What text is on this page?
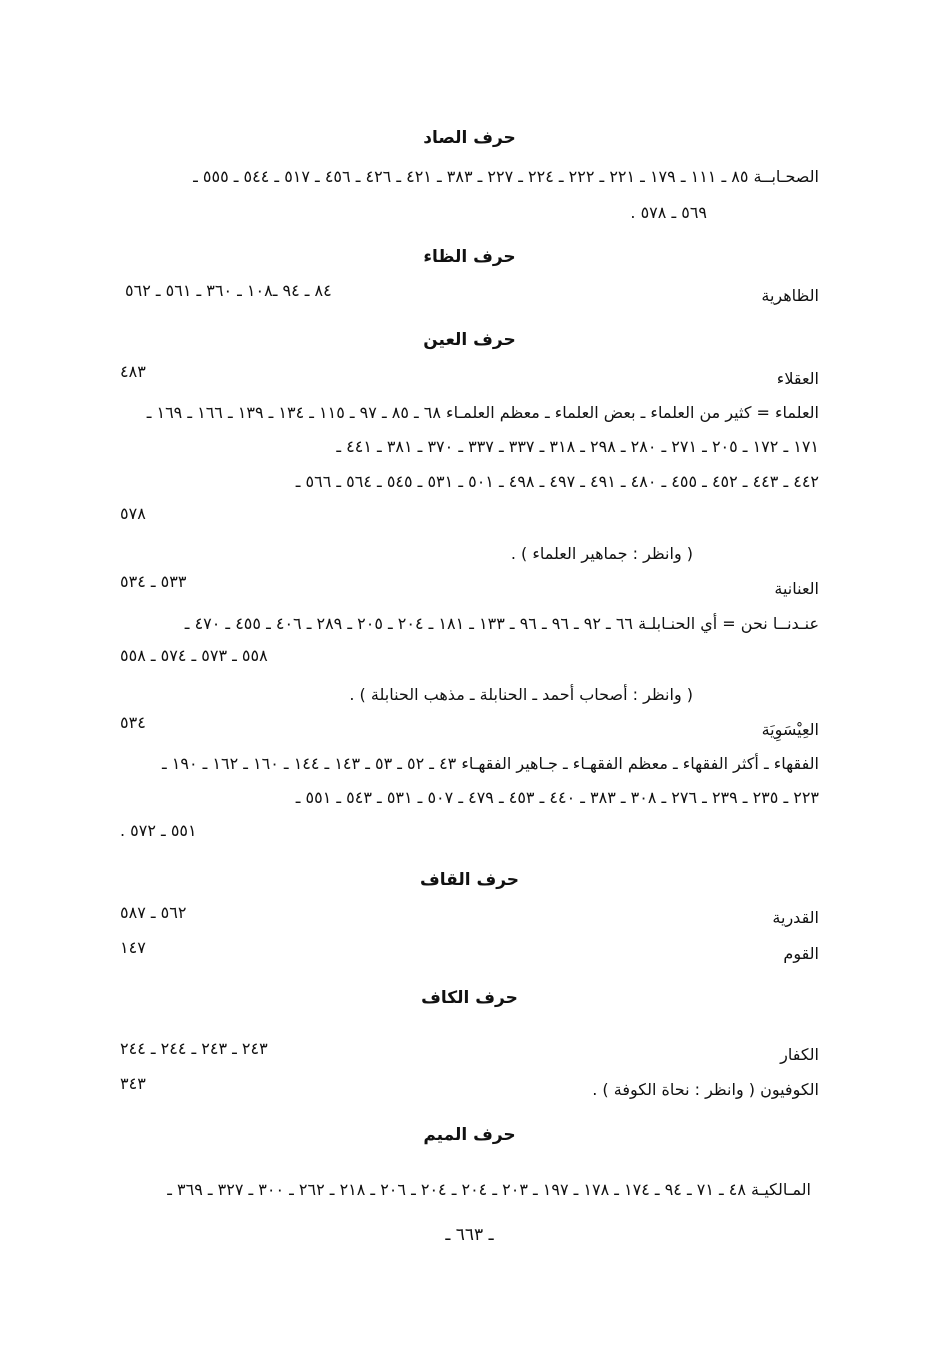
حرف الصاد
الصحـابــة ٨٥ ـ ١١١ ـ ١٧٩ ـ ٢٢١ ـ ٢٢٢ ـ ٢٢٤ ـ ٢٢٧ ـ ٣٨٣ ـ ٤٢١ ـ ٤٢٦ ـ ٤٥٦ ـ ٥١٧ ـ ٥٤٤ ـ ٥٥٥ ـ
٥٦٩ ـ ٥٧٨ .
حرف الظاء
الظاهرية
٨٤ ـ ٩٤ ـ١٠٨ ـ ٣٦٠ ـ ٥٦١ ـ ٥٦٢
حرف العين
العقلاء
٤٨٣
العلماء = كثير من العلماء ـ بعض العلماء ـ معظم العلمـاء ٦٨ ـ ٨٥ ـ ٩٧ ـ ١١٥ ـ ١٣٤ ـ ١٣٩ ـ ١٦٦ ـ ١٦٩ ـ
١٧١ ـ ١٧٢ ـ ٢٠٥ ـ ٢٧١ ـ ٢٨٠ ـ ٢٩٨ ـ ٣١٨ ـ ٣٣٧ ـ ٣٣٧ ـ ٣٧٠ ـ ٣٨١ ـ ٤٤١ ـ
٤٤٢ ـ ٤٤٣ ـ ٤٥٢ ـ ٤٥٥ ـ ٤٨٠ ـ ٤٩١ ـ ٤٩٧ ـ ٤٩٨ ـ ٥٠١ ـ ٥٣١ ـ ٥٤٥ ـ ٥٦٤ ـ ٥٦٦ ـ
٥٧٨
( وانظر : جماهير العلماء ) .
العنانية
٥٣٣ ـ ٥٣٤
عنـدنــا نحن = أي الحنـابلـة ٦٦ ـ ٩٢ ـ ٩٦ ـ ٩٦ ـ ١٣٣ ـ ١٨١ ـ ٢٠٤ ـ ٢٠٥ ـ ٢٨٩ ـ ٤٠٦ ـ ٤٥٥ ـ ٤٧٠ ـ
٥٥٨ ـ ٥٧٣ ـ ٥٧٤ ـ ٥٥٨
( وانظر : أصحاب أحمد ـ الحنابلة ـ مذهب الحنابلة ) .
العِيْسَوِيَة
٥٣٤
الفقهاء ـ أكثر الفقهاء ـ معظم الفقهـاء ـ جـاهير الفقهـاء ٤٣ ـ ٥٢ ـ ٥٣ ـ ١٤٣ ـ ١٤٤ ـ ١٦٠ ـ ١٦٢ ـ ١٩٠ ـ
٢٢٣ ـ ٢٣٥ ـ ٢٣٩ ـ ٢٧٦ ـ ٣٠٨ ـ ٣٨٣ ـ ٤٤٠ ـ ٤٥٣ ـ ٤٧٩ ـ ٥٠٧ ـ ٥٣١ ـ ٥٤٣ ـ ٥٥١ ـ
٥٥١ ـ ٥٧٢ .
حرف القاف
القدرية
٥٦٢ ـ ٥٨٧
القوم
١٤٧
حرف الكاف
الكفار
٢٤٣ ـ ٢٤٣ ـ ٢٤٤ ـ ٢٤٤
الكوفيون ( وانظر : نحاة الكوفة ) .
٣٤٣
حرف الميم
المـالكيـة ٤٨ ـ ٧١ ـ ٩٤ ـ ١٧٤ ـ ١٧٨ ـ ١٩٧ ـ ٢٠٣ ـ ٢٠٤ ـ ٢٠٤ ـ ٢٠٦ ـ ٢١٨ ـ ٢٦٢ ـ ٣٠٠ ـ ٣٢٧ ـ ٣٦٩ ـ
ـ ٦٦٣ ـ
